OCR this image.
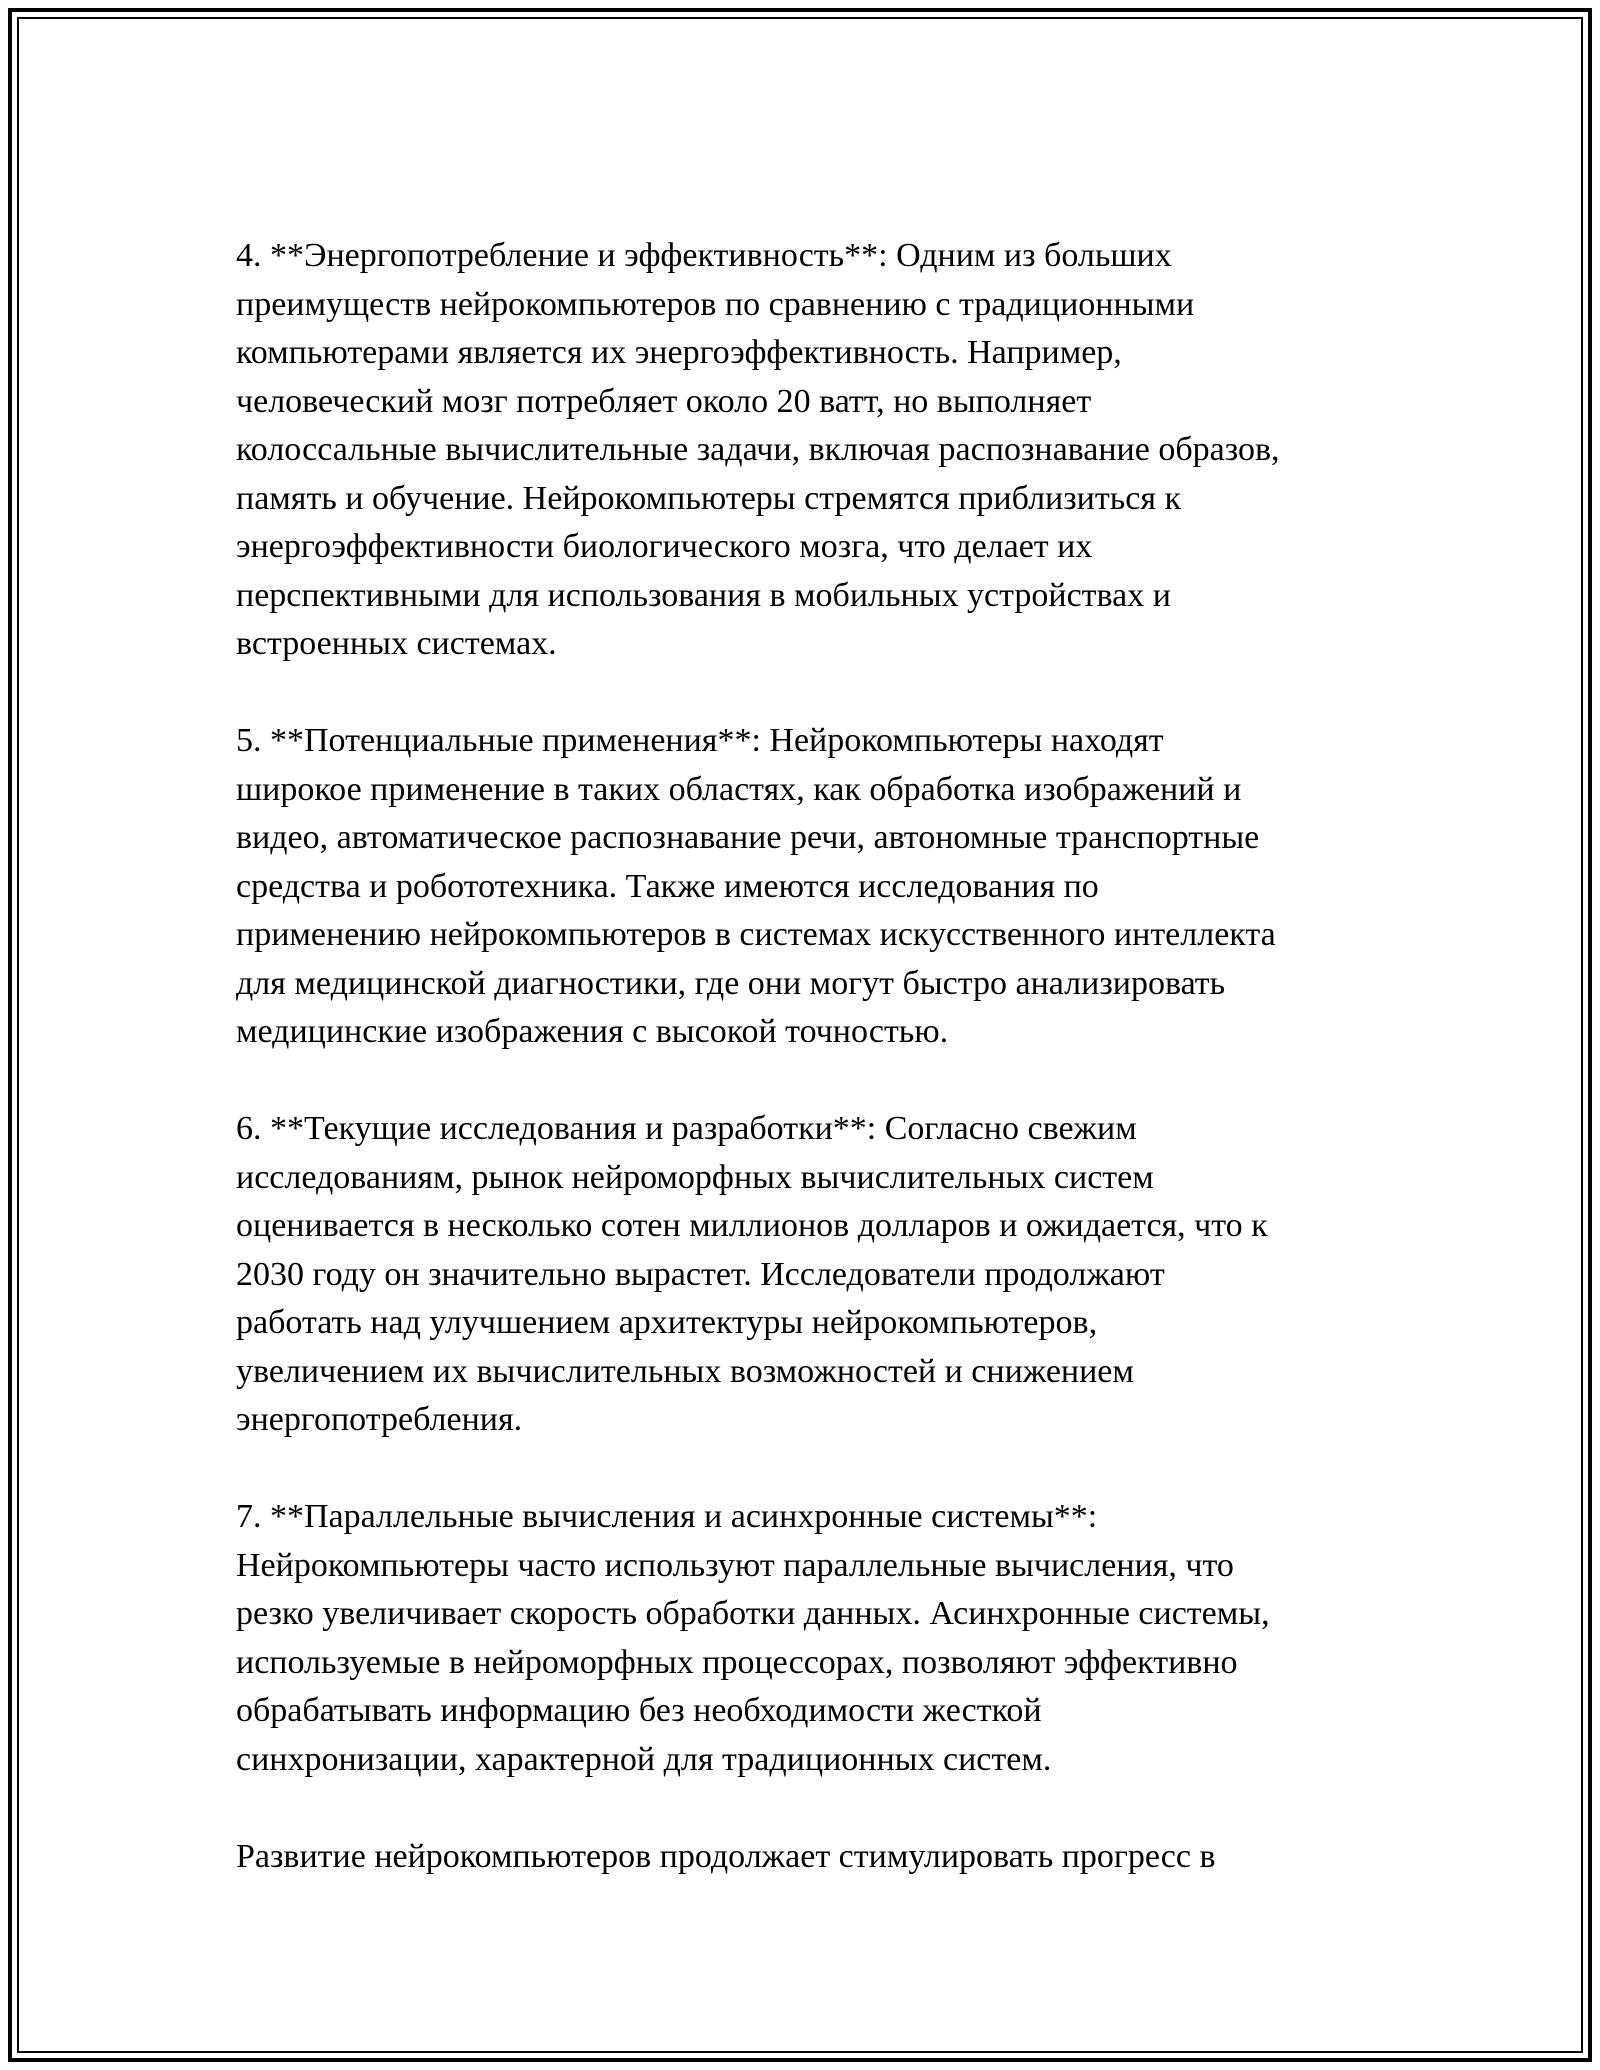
4. **Энергопотребление и эффективность**: Одним из больших
преимуществ нейрокомпьютеров по сравнению с традиционными
компьютерами является их энергоэффективность. Например,
человеческий мозг потребляет около 20 ватт, но выполняет
колоссальные вычислительные задачи, включая распознавание образов,
память и обучение. Нейрокомпьютеры стремятся приблизиться к
энергоэффективности биологического мозга, что делает их
перспективными для использования в мобильных устройствах и
встроенных системах.

5. **Потенциальные применения**: Нейрокомпьютеры находят
широкое применение в таких областях, как обработка изображений и
видео, автоматическое распознавание речи, автономные транспортные
средства и робототехника. Также имеются исследования по
применению нейрокомпьютеров в системах искусственного интеллекта
для медицинской диагностики, где они могут быстро анализировать
медицинские изображения с высокой точностью.

6. **Текущие исследования и разработки**: Согласно свежим
исследованиям, рынок нейроморфных вычислительных систем
оценивается в несколько сотен миллионов долларов и ожидается, что к
2030 году он значительно вырастет. Исследователи продолжают
работать над улучшением архитектуры нейрокомпьютеров,
увеличением их вычислительных возможностей и снижением
энергопотребления.

7. **Параллельные вычисления и асинхронные системы**:
Нейрокомпьютеры часто используют параллельные вычисления, что
резко увеличивает скорость обработки данных. Асинхронные системы,
используемые в нейроморфных процессорах, позволяют эффективно
обрабатывать информацию без необходимости жесткой
синхронизации, характерной для традиционных систем.

Развитие нейрокомпьютеров продолжает стимулировать прогресс в
